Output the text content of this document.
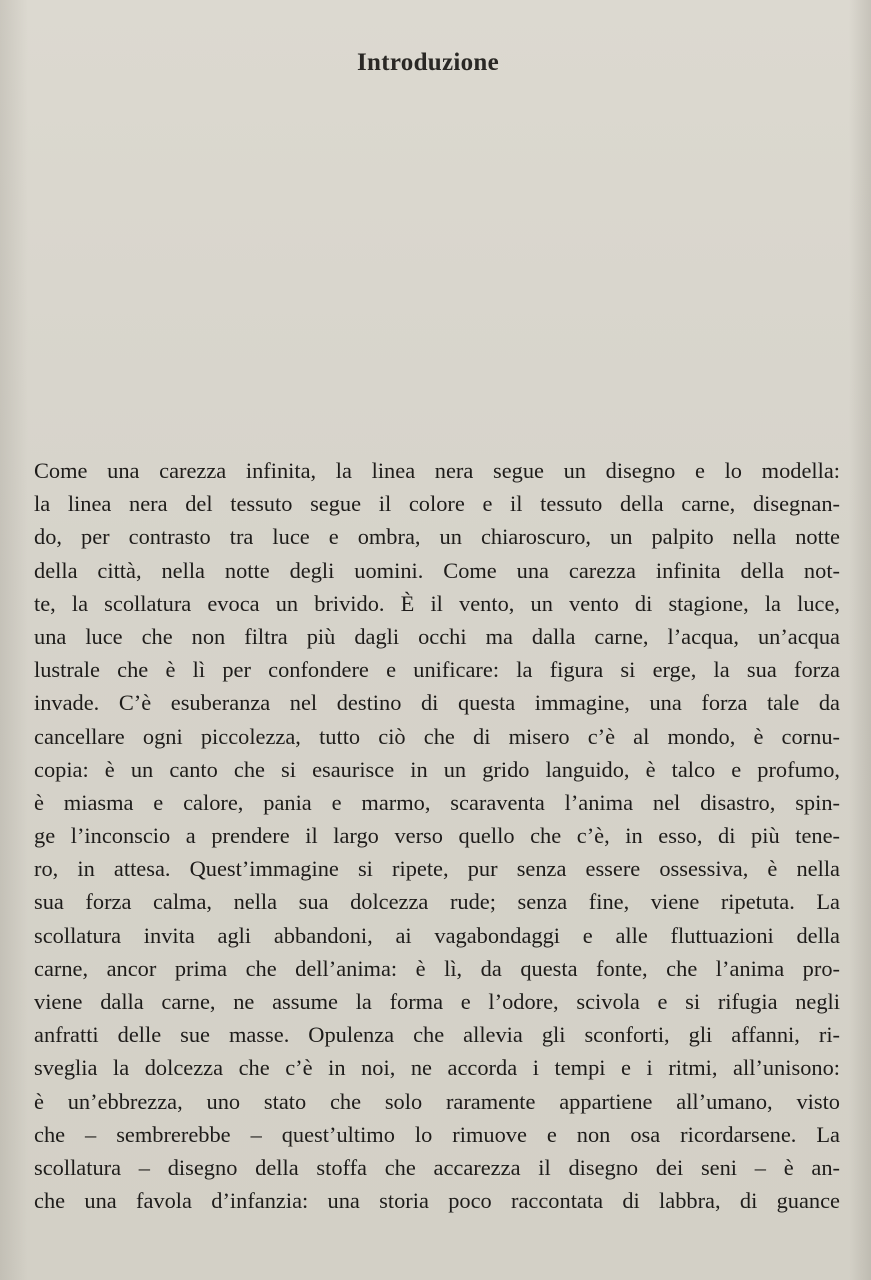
Introduzione
Come una carezza infinita, la linea nera segue un disegno e lo modella:
la linea nera del tessuto segue il colore e il tessuto della carne, disegnan-
do, per contrasto tra luce e ombra, un chiaroscuro, un palpito nella notte
della città, nella notte degli uomini. Come una carezza infinita della not-
te, la scollatura evoca un brivido. È il vento, un vento di stagione, la luce,
una luce che non filtra più dagli occhi ma dalla carne, l’acqua, un’acqua
lustrale che è lì per confondere e unificare: la figura si erge, la sua forza
invade. C’è esuberanza nel destino di questa immagine, una forza tale da
cancellare ogni piccolezza, tutto ciò che di misero c’è al mondo, è cornu-
copia: è un canto che si esaurisce in un grido languido, è talco e profumo,
è miasma e calore, pania e marmo, scaraventa l’anima nel disastro, spin-
ge l’inconscio a prendere il largo verso quello che c’è, in esso, di più tene-
ro, in attesa. Quest’immagine si ripete, pur senza essere ossessiva, è nella
sua forza calma, nella sua dolcezza rude; senza fine, viene ripetuta. La
scollatura invita agli abbandoni, ai vagabondaggi e alle fluttuazioni della
carne, ancor prima che dell’anima: è lì, da questa fonte, che l’anima pro-
viene dalla carne, ne assume la forma e l’odore, scivola e si rifugia negli
anfratti delle sue masse. Opulenza che allevia gli sconforti, gli affanni, ri-
sveglia la dolcezza che c’è in noi, ne accorda i tempi e i ritmi, all’unisono:
è un’ebbrezza, uno stato che solo raramente appartiene all’umano, visto
che – sembrerebbe – quest’ultimo lo rimuove e non osa ricordarsene. La
scollatura – disegno della stoffa che accarezza il disegno dei seni – è an-
che una favola d’infanzia: una storia poco raccontata di labbra, di guance
